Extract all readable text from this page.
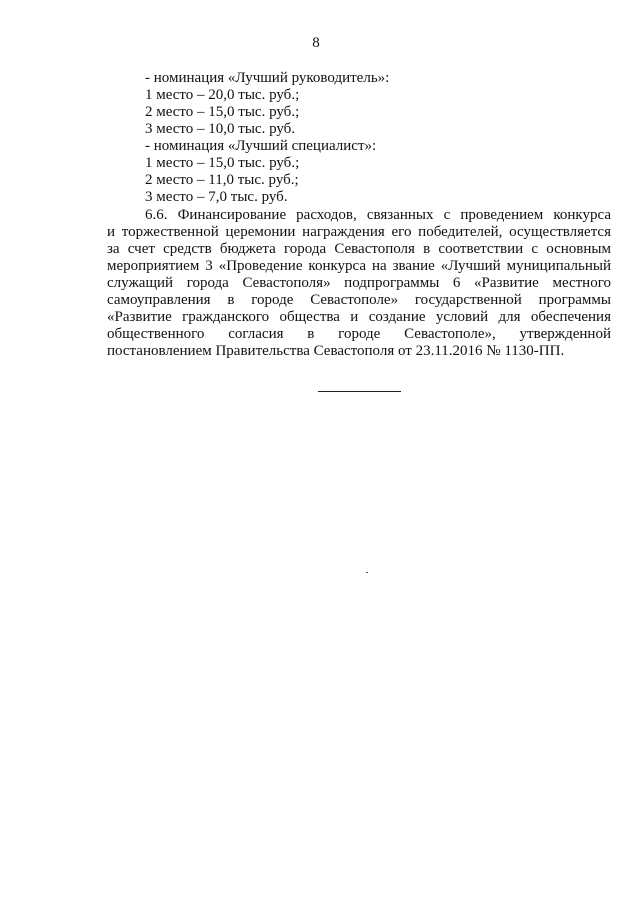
8
- номинация «Лучший руководитель»:
1 место – 20,0 тыс. руб.;
2 место – 15,0 тыс. руб.;
3 место – 10,0 тыс. руб.
- номинация «Лучший специалист»:
1 место – 15,0 тыс. руб.;
2 место – 11,0 тыс. руб.;
3 место – 7,0 тыс. руб.
6.6. Финансирование расходов, связанных с проведением конкурса
и торжественной церемонии награждения его победителей, осуществляется
за счет средств бюджета города Севастополя в соответствии с основным
мероприятием 3 «Проведение конкурса на звание «Лучший муниципальный
служащий города Севастополя» подпрограммы 6 «Развитие местного
самоуправления в городе Севастополе» государственной программы
«Развитие гражданского общества и создание условий для обеспечения
общественного согласия в городе Севастополе», утвержденной
постановлением Правительства Севастополя от 23.11.2016 № 1130-ПП.
